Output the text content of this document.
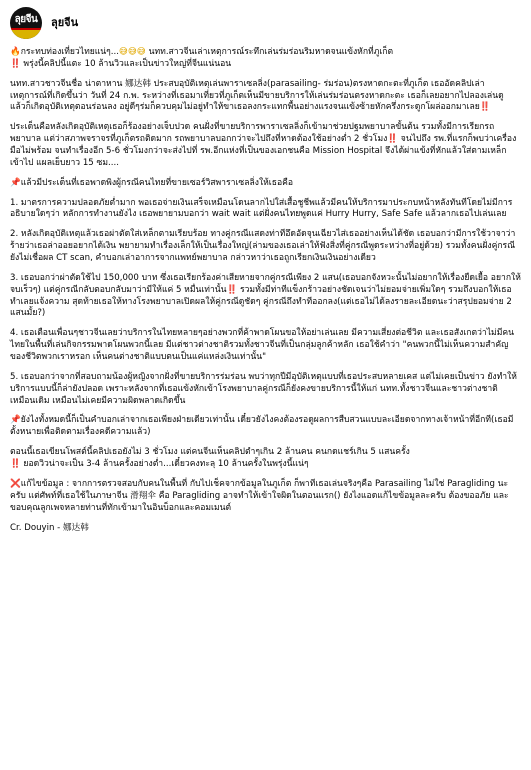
ลุยจีน ลุยจีน

🔥กระทบท่องเที่ยวไทยแน่ๆ...😅😅😅 นทท.สาวจีนเล่าเหตุการณ์ระทึกเล่นร่มร่อนริมหาดจนแข้งหักที่ภูเก็ต
‼️ พรุ่งนี้คลิปนี้แตะ 10 ล้านวิวและเป็นข่าวใหญ่ที่จีนแน่นอน

นทท.สาวชาวจีนชื่อ น่าตาหาน 娜达韩 ประสบอุบัติเหตุเล่นพาราเซลลิ่ง(parasailing- ร่มร่อน)ตรงหาดกะตะที่ภูเก็ต เธออัดคลิปเล่าเหตุการณ์ที่เกิดขึ้นว่า วันที่ 24 ก.พ. ระหว่างที่เธอมาเที่ยวที่ภูเก็ตเห็นมีขายบริการให้เล่นร่มร่อนตรงหาดกะตะ เธอก็เลยอยากไปลองเล่นดู แล้วก็เกิดอุบัติเหตุตอนร่อนลง อยู่ดีๆร่มก็ควบคุมไม่อยู่ทำให้ขาเธอลงกระแทกพื้นอย่างแรงจนแข้งซ้ายหักครึ่งกระดูกโผล่ออกมาเลย‼️

ประเด็นคือหลังเกิดอุบัติเหตุเธอก็ร้องอย่างเจ็บปวด คนฝั่งที่ขายบริการพาราเซลลิ่งก็เข้ามาช่วยปฐมพยาบาลขั้นต้น รวมทั้งมีการเรียกรถพยาบาล แต่ว่าสภาพจราจรที่ภูเก็ตรถติดมาก รถพยาบาลบอกกว่าจะไปถึงที่หาดต้องใช้อย่างต่ำ 2 ชั่วโมง‼️ จนไปถึง รพ.ที่แรกก็พบว่าเครื่องมือไม่พร้อม จนทำเรื่องอีก 5-6 ชั่วโมงกว่าจะส่งไปที่ รพ.อีกแห่งที่เป็นของเอกชนคือ Mission Hospital จึงได้ผ่าแข้งที่หักแล้วใส่ตามเหล็กเข้าไป แผลเย็บยาว 15 ซม....

📌แล้วมีประเด็นที่เธอพาดพิงผู้กรณีคนไทยที่ขายเซอร์วิสพาราเซลลิ่งให้เธอคือ

1. มาตรการความปลอดภัยต่ำมาก พอเธอจ่ายเงินเสร็จเหมือนโดนลากไปใส่เสื้อชูชีพแล้วมีคนให้บริการมาประกบหน้าหลังทันทีโดยไม่มีการอธิบายใดๆว่า หลักการทำงานยังไง เธอพยายามบอกว่า wait wait แต่ฝั่งคนไทยพูดแค่ Hurry Hurry, Safe Safe แล้วลากเธอไปเล่นเลย

2. หลังเกิดอุบัติเหตุแล้วเธอผ่าตัดใส่เหล็กตามเรียบร้อย ทางคู่กรณีแสดงท่าทีอึดอัดจุนเฉียวไส่เธออย่างเห็นได้ชัด เธอบอกว่ามีการใช้วาจาว่าร้ายว่าเธอล่าออยอยากได้เงิน พยายามทำเรื่องเล็กให้เป็นเรื่องใหญ่(ล่ามของเธอเล่าให้ฟังสิ่งที่คู่กรณีพูดระหว่างที่อยู่ด้วย) รวมทั้งคนฝั่งคู่กรณียังไม่เชื่อผล CT scan, คำบอกเล่าอาการจากแพทย์พยาบาล กล่าวหาว่าเธอถูกเรียกเงินเงินอย่างเดียว

3. เธอบอกว่าผ่าตัดใช้ไป 150,000 บาท ซึ่งเธอเรียกร้องค่าเสียหายจากคู่กรณีเพียง 2 แสน(เธอบอกจังหวะนั้นไม่อยากให้เรื่องยืดเยื้อ อยากให้จบเร็วๆ) แต่คู่กรณีกลับตอบกลับมาว่ามีให้แค่ 5 หมื่นเท่านั้น‼️ รวมทั้งมีท่าทีแข็งกร้าวอย่างชัดเจนว่าไม่ยอมจ่ายเพิ่มใดๆ รวมถึงบอกให้เธอทำเลยแจ้งความ สุดท้ายเธอให้ทางโรงพยาบาลเปิดผลให้คู่กรณีดูชัดๆ คู่กรณีถึงทำทีออกลง(แต่เธอไม่ได้ลงรายละเอียดนะว่าสรุปยอมจ่าย 2 แสนมั้ย?)

4. เธอเตือนเพื่อนๆชาวจีนเลยว่าบริการในไทยหลายๆอย่างพวกที่ค้าพาดโผนขอให้อย่าเล่นเลย มีความเสี่ยงต่อชีวิต และเธอสังเกตว่าไม่มีคนไทยในพื้นที่เล่นกิจกรรมพาดโผนพวกนี้เลย มีแต่ชาวต่างชาติรวมทั้งชาวจีนที่เป็นกลุ่มลูกค้าหลัก เธอใช้คำว่า "คนพวกนี้ไม่เห็นความสำคัญของชีวิตพวกเราหรอก เห็นคนต่างชาติแบบตนเป็นแค่แหล่งเงินเท่านั้น"

5. เธอบอกว่าจากที่สอบถามน้องผู้หญิงจากฝั่งที่ขายบริการร่มร่อน พบว่าทุกปีมีอุบัติเหตุแบบที่เธอประสบหลายเคส แต่ไม่เคยเป็นข่าว ยังทำให้บริการแบบนี้ก็ล่ายังปลอด เพราะหลังจากที่เธอแข้งหักเข้าโรงพยาบาลคู่กรณีก็ยังคงขายบริการนี้ให้แก่ นทท.ทั้งชาวจีนและชาวต่างชาติเหมือนเดิม เหมือนไม่เคยมีความผิดพลาดเกิดขึ้น

📌ยังไงทั้งหมดนี้ก็เป็นคำบอกเล่าจากเธอเพียงฝ่ายเดียวเท่านั้น เดี๋ยวยังไงคงต้องรอดูผลการสืบสวนแบบละเอียดจากทางเจ้าหน้าที่อีกที(เธอมีตั้งหนายเพื่อติดตามเรื่องคดีความแล้ว)

ตอนนี้เธอเขียนโพสต์นี้คลิปเธอยังไม่ 3 ชั่วโมง แต่คนจีนเห็นคลิปตำๆเกิน 2 ล้านคน คนกดแชร์เกิน 5 แสนครั้ง
‼️ ยอดวิวน่าจะเป็น 3-4 ล้านครั้งอย่างต่ำ...เดี๋ยวคงทะลุ 10 ล้านครั้งในพรุ่งนี้แน่ๆ

❌แก้ไขข้อมูล : จากการตรวจสอบกับคนในพื้นที่ กับไปเช็คจากข้อมูลในภูเก็ต ก็พาทีเธอเล่นจริงๆคือ Parasailing ไม่ใช่ Paragliding นะครับ แต่ศัพท์ที่เธอใช้ในภาษาจีน 滑翔伞 คือ Paragliding อาจทำให้เข้าใจผิดในตอนแรก() ยังไงแอดแก้ไขข้อมูลละครับ ต้องขออภัย และขอบคุณลูกเพจหลายท่านที่ทักเข้ามาในอินบ็อกและคอมเมนต์

Cr. Douyin - 娜达韩
